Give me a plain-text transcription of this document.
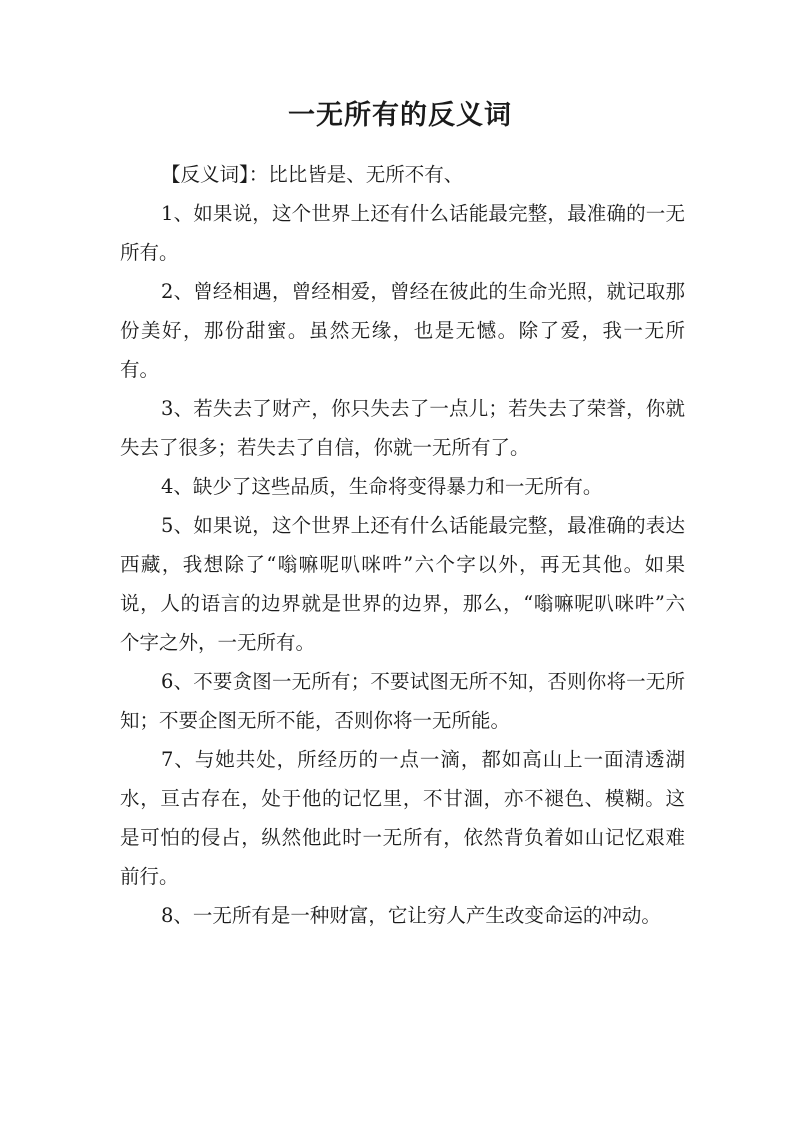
一无所有的反义词

【反义词】：比比皆是、无所不有、

1、如果说，这个世界上还有什么话能最完整，最准确的一无所有。

2、曾经相遇，曾经相爱，曾经在彼此的生命光照，就记取那份美好，那份甜蜜。虽然无缘，也是无憾。除了爱，我一无所有。

3、若失去了财产，你只失去了一点儿；若失去了荣誉，你就失去了很多；若失去了自信，你就一无所有了。

4、缺少了这些品质，生命将变得暴力和一无所有。

5、如果说，这个世界上还有什么话能最完整，最准确的表达西藏，我想除了“嗡嘛呢叭咪吽”六个字以外，再无其他。如果说，人的语言的边界就是世界的边界，那么，“嗡嘛呢叭咪吽”六个字之外，一无所有。

6、不要贪图一无所有；不要试图无所不知，否则你将一无所知；不要企图无所不能，否则你将一无所能。

7、与她共处，所经历的一点一滴，都如高山上一面清透湖水，亘古存在，处于他的记忆里，不甘涸，亦不褪色、模糊。这是可怕的侵占，纵然他此时一无所有，依然背负着如山记忆艰难前行。

8、一无所有是一种财富，它让穷人产生改变命运的冲动。
